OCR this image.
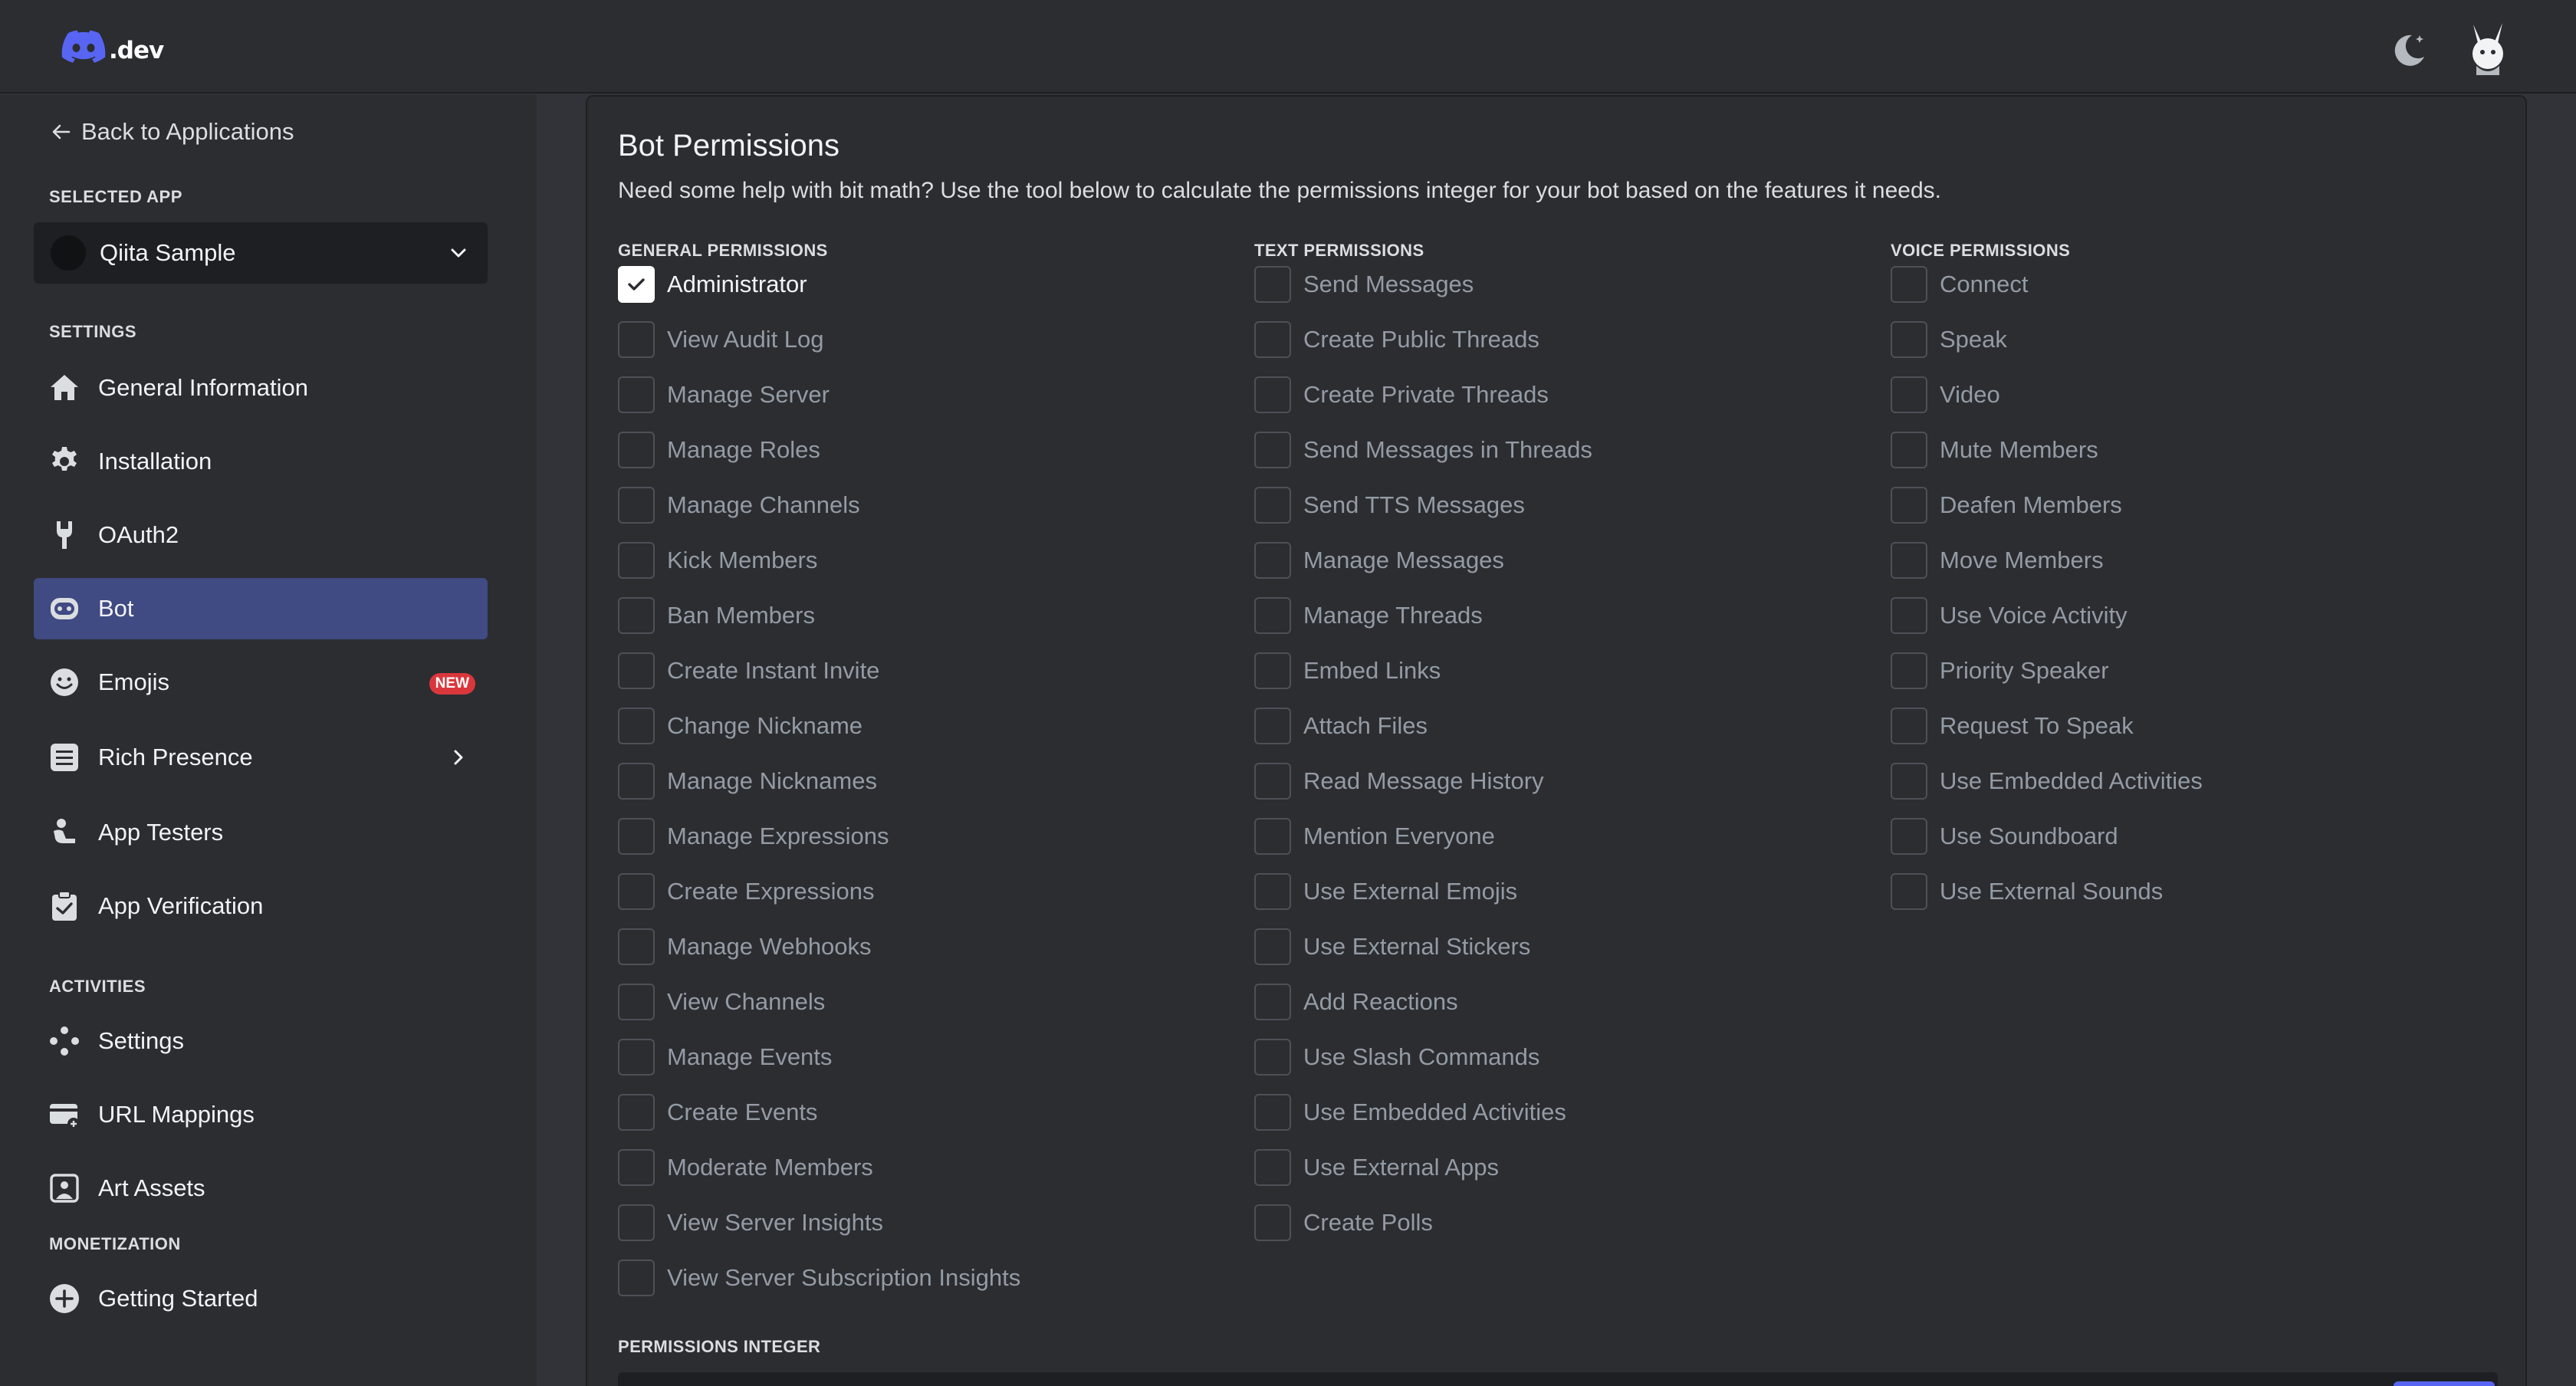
.dev
Back to Applications
SELECTED APP
Qiita Sample
SETTINGS
General Information
Installation
OAuth2
Bot
Emojis	NEW
Rich Presence
App Testers
App Verification
ACTIVITIES
Settings
URL Mappings
Art Assets
MONETIZATION
Getting Started
Bot Permissions
Need some help with bit math? Use the tool below to calculate the permissions integer for your bot based on the features it needs.
GENERAL PERMISSIONS	TEXT PERMISSIONS	VOICE PERMISSIONS
Administrator
View Audit Log
Manage Server
Manage Roles
Manage Channels
Kick Members
Ban Members
Create Instant Invite
Change Nickname
Manage Nicknames
Manage Expressions
Create Expressions
Manage Webhooks
View Channels
Manage Events
Create Events
Moderate Members
View Server Insights
View Server Subscription Insights
Send Messages
Create Public Threads
Create Private Threads
Send Messages in Threads
Send TTS Messages
Manage Messages
Manage Threads
Embed Links
Attach Files
Read Message History
Mention Everyone
Use External Emojis
Use External Stickers
Add Reactions
Use Slash Commands
Use Embedded Activities
Use External Apps
Create Polls
Connect
Speak
Video
Mute Members
Deafen Members
Move Members
Use Voice Activity
Priority Speaker
Request To Speak
Use Embedded Activities
Use Soundboard
Use External Sounds
PERMISSIONS INTEGER
